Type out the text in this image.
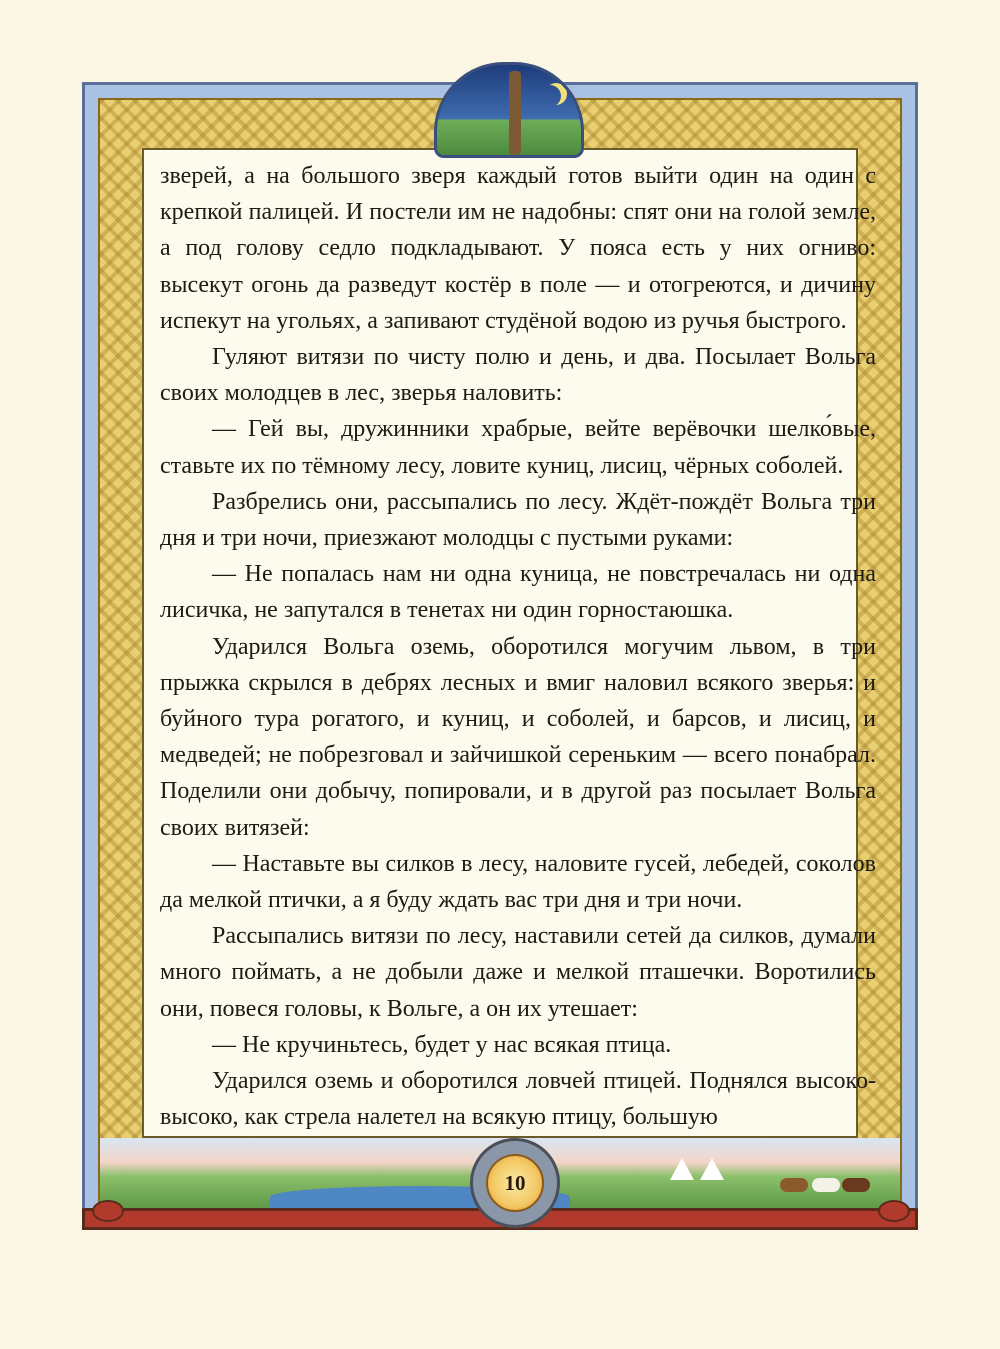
зверей, а на большого зверя каждый готов выйти один на один с крепкой палицей. И постели им не надобны: спят они на голой земле, а под голову седло подкладывают. У пояса есть у них огниво: высекут огонь да разведут костёр в поле — и отогреются, и дичину испекут на угольях, а запивают студёной водою из ручья быстрого.

Гуляют витязи по чисту полю и день, и два. Посылает Вольга своих молодцев в лес, зверья наловить:

— Гей вы, дружинники храбрые, вейте верёвочки шелко́вые, ставьте их по тёмному лесу, ловите куниц, лисиц, чёрных соболей.

Разбрелись они, рассыпались по лесу. Ждёт-пождёт Вольга три дня и три ночи, приезжают молодцы с пустыми руками:

— Не попалась нам ни одна куница, не повстречалась ни одна лисичка, не запутался в тенетах ни один горностаюшка.

Ударился Вольга оземь, оборотился могучим львом, в три прыжка скрылся в дебрях лесных и вмиг наловил всякого зверья: и буйного тура рогатого, и куниц, и соболей, и барсов, и лисиц, и медведей; не побрезговал и зайчишкой сереньким — всего понабрал. Поделили они добычу, попировали, и в другой раз посылает Вольга своих витязей:

— Наставьте вы силков в лесу, наловите гусей, лебедей, соколов да мелкой птички, а я буду ждать вас три дня и три ночи.

Рассыпались витязи по лесу, наставили сетей да силков, думали много поймать, а не добыли даже и мелкой пташечки. Воротились они, повеся головы, к Вольге, а он их утешает:

— Не кручиньтесь, будет у нас всякая птица.

Ударился оземь и оборотился ловчей птицей. Поднялся высоко-высоко, как стрела налетел на всякую птицу, большую

10
